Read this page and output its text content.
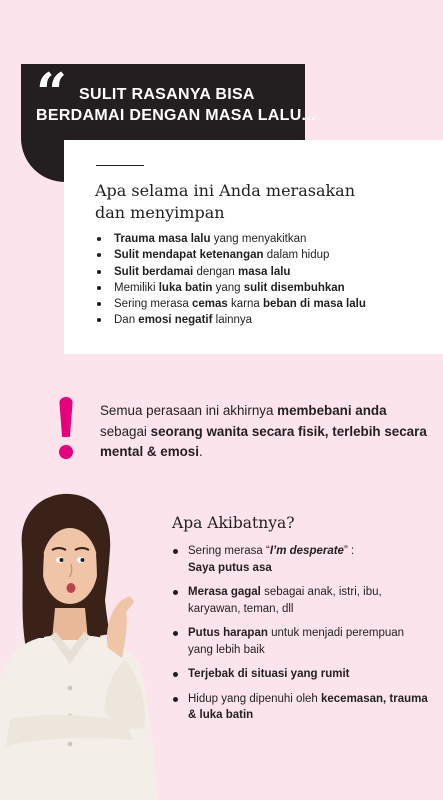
“ SULIT RASANYA BISA
BERDAMAI DENGAN MASA LALU...
Apa selama ini Anda merasakan
dan menyimpan
Trauma masa lalu yang menyakitkan
Sulit mendapat ketenangan dalam hidup
Sulit berdamai dengan masa lalu
Memiliki luka batin yang sulit disembuhkan
Sering merasa cemas karna beban di masa lalu
Dan emosi negatif lainnya
Semua perasaan ini akhirnya membebani anda sebagai seorang wanita secara fisik, terlebih secara mental & emosi.
Apa Akibatnya?
Sering merasa “I’m desperate” :
Saya putus asa
Merasa gagal sebagai anak, istri, ibu, karyawan, teman, dll
Putus harapan untuk menjadi perempuan yang lebih baik
Terjebak di situasi yang rumit
Hidup yang dipenuhi oleh kecemasan, trauma & luka batin
